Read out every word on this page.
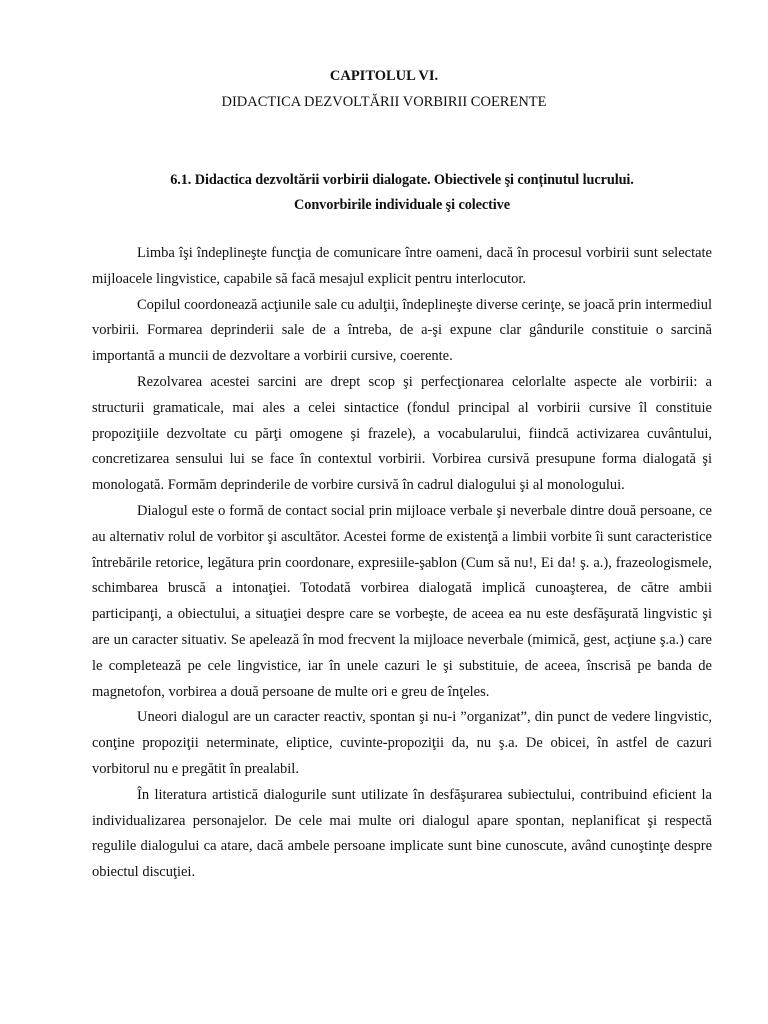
CAPITOLUL VI.
DIDACTICA DEZVOLTĂRII VORBIRII COERENTE
6.1. Didactica dezvoltării vorbirii dialogate. Obiectivele şi conținutul lucrului.
Convorbirile individuale şi colective

Limba îşi îndeplineşte funcţia de comunicare între oameni, dacă în procesul vorbirii sunt selectate mijloacele lingvistice, capabile să facă mesajul explicit pentru interlocutor.

Copilul coordonează acţiunile sale cu adulţii, îndeplineşte diverse cerinţe, se joacă prin intermediul vorbirii. Formarea deprinderii sale de a întreba, de a-şi expune clar gândurile constituie o sarcină importantă a muncii de dezvoltare a vorbirii cursive, coerente.

Rezolvarea acestei sarcini are drept scop şi perfecţionarea celorlalte aspecte ale vorbirii: a structurii gramaticale, mai ales a celei sintactice (fondul principal al vorbirii cursive îl constituie propoziţiile dezvoltate cu părţi omogene şi frazele), a vocabularului, fiindcă activizarea cuvântului, concretizarea sensului lui se face în contextul vorbirii. Vorbirea cursivă presupune forma dialogată şi monologată. Formăm deprinderile de vorbire cursivă în cadrul dialogului şi al monologului.

Dialogul este o formă de contact social prin mijloace verbale şi neverbale dintre două persoane, ce au alternativ rolul de vorbitor şi ascultător. Acestei forme de existenţă a limbii vorbite îi sunt caracteristice întrebările retorice, legătura prin coordonare, expresiile-şablon (Cum să nu!, Ei da! ş. a.), frazeologismele, schimbarea bruscă a intonaţiei. Totodată vorbirea dialogată implică cunoaşterea, de către ambii participanţi, a obiectului, a situaţiei despre care se vorbeşte, de aceea ea nu este desfăşurată lingvistic şi are un caracter situativ. Se apelează în mod frecvent la mijloace neverbale (mimică, gest, acţiune ş.a.) care le completează pe cele lingvistice, iar în unele cazuri le şi substituie, de aceea, înscrisă pe banda de magnetofon, vorbirea a două persoane de multe ori e greu de înţeles.

Uneori dialogul are un caracter reactiv, spontan şi nu-i ”organizat”, din punct de vedere lingvistic, conţine propoziţii neterminate, eliptice, cuvinte-propoziţii da, nu ş.a. De obicei, în astfel de cazuri vorbitorul nu e pregătit în prealabil.

În literatura artistică dialogurile sunt utilizate în desfăşurarea subiectului, contribuind eficient la individualizarea personajelor. De cele mai multe ori dialogul apare spontan, neplanificat şi respectă regulile dialogului ca atare, dacă ambele persoane implicate sunt bine cunoscute, având cunoştinţe despre obiectul discuţiei.
